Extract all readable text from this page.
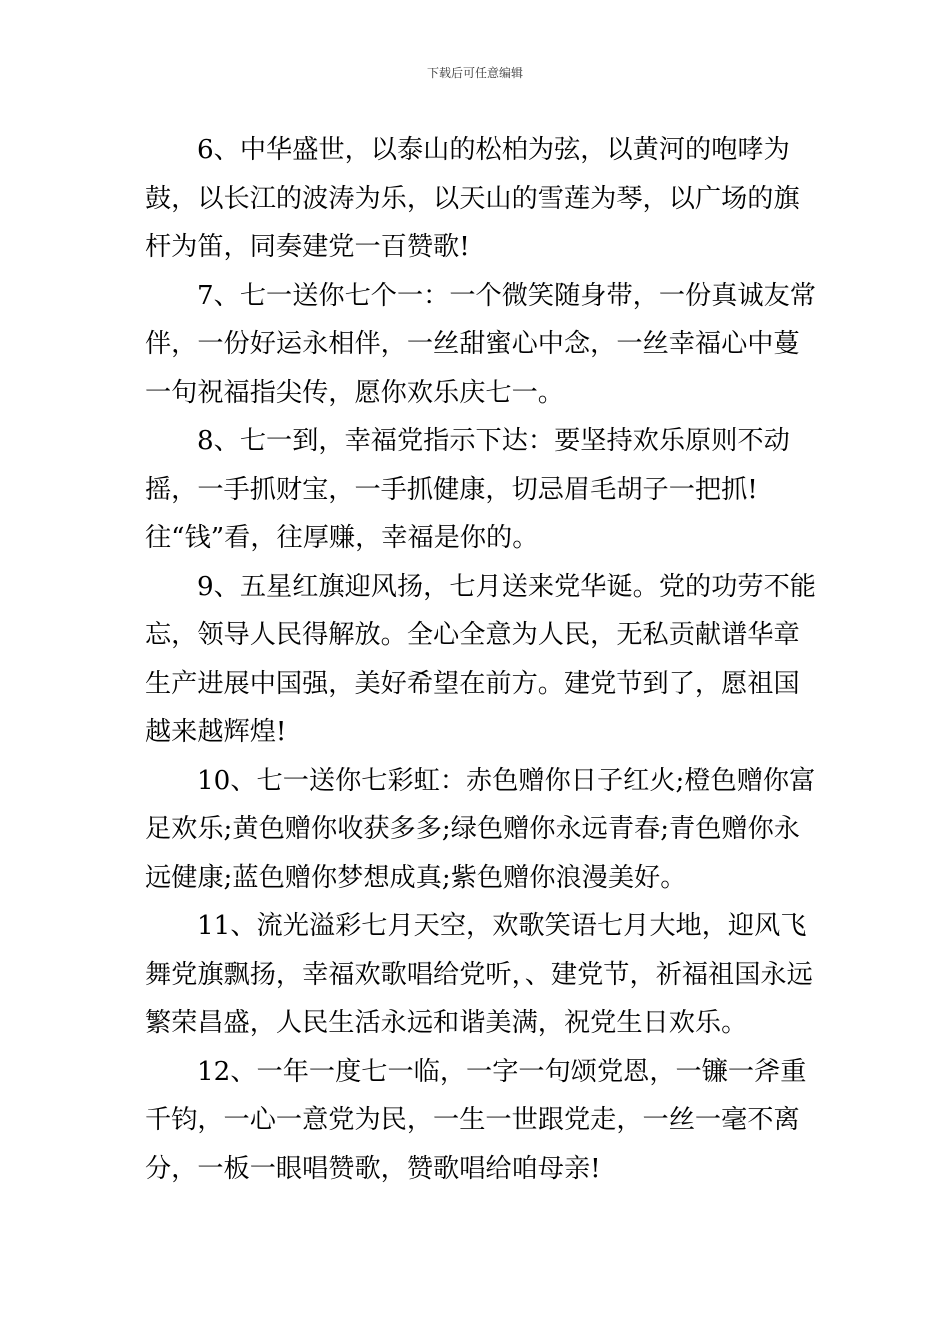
下载后可任意编辑

6、中华盛世，以泰山的松柏为弦，以黄河的咆哮为鼓，以长江的波涛为乐，以天山的雪莲为琴，以广场的旗杆为笛，同奏建党一百赞歌!

7、七一送你七个一：一个微笑随身带，一份真诚友常伴，一份好运永相伴，一丝甜蜜心中念，一丝幸福心中蔓一句祝福指尖传，愿你欢乐庆七一。

8、七一到，幸福党指示下达：要坚持欢乐原则不动摇，一手抓财宝，一手抓健康，切忌眉毛胡子一把抓!往“钱”看，往厚赚，幸福是你的。

9、五星红旗迎风扬，七月送来党华诞。党的功劳不能忘，领导人民得解放。全心全意为人民，无私贡献谱华章生产进展中国强，美好希望在前方。建党节到了，愿祖国越来越辉煌!

10、七一送你七彩虹：赤色赠你日子红火;橙色赠你富足欢乐;黄色赠你收获多多;绿色赠你永远青春;青色赠你永远健康;蓝色赠你梦想成真;紫色赠你浪漫美好。

11、流光溢彩七月天空，欢歌笑语七月大地，迎风飞舞党旗飘扬，幸福欢歌唱给党听，、建党节，祈福祖国永远繁荣昌盛，人民生活永远和谐美满，祝党生日欢乐。

12、一年一度七一临，一字一句颂党恩，一镰一斧重千钧，一心一意党为民，一生一世跟党走，一丝一毫不离分，一板一眼唱赞歌，赞歌唱给咱母亲!
